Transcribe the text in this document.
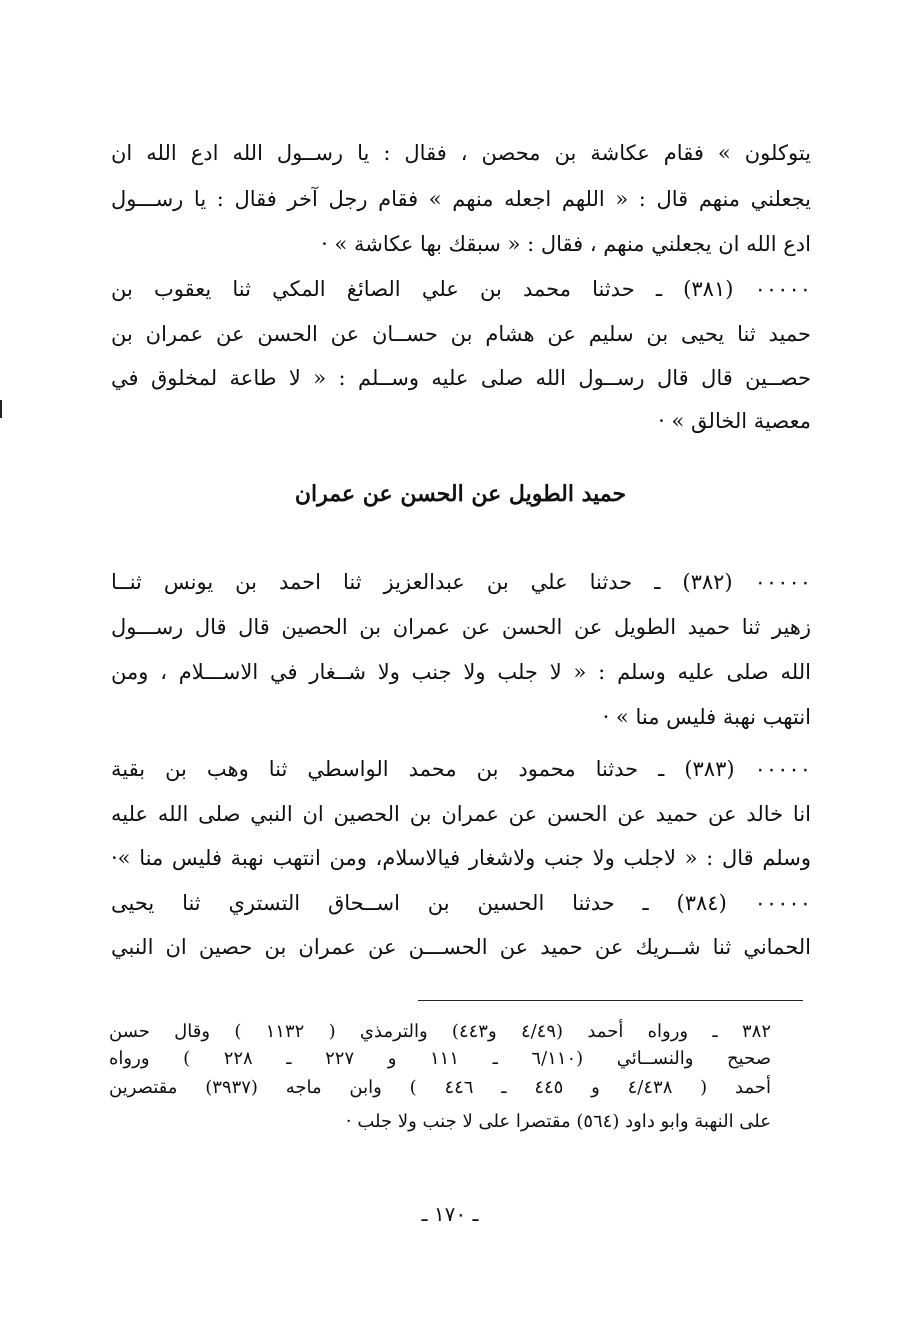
يتوكلون » فقام عكاشة بن محصن ، فقال : يا رســول الله ادع الله ان
يجعلني منهم قال : « اللهم اجعله منهم » فقام رجل آخر فقال : يا رســـول
ادع الله ان يجعلني منهم ، فقال : « سبقك بها عكاشة » ·
٠٠٠٠٠ (٣٨١) ـ حدثنا محمد بن علي الصائغ المكي ثنا يعقوب بن
حميد ثنا يحيى بن سليم عن هشام بن حســان عن الحسن عن عمران بن
حصــين قال قال رســول الله صلى عليه وســلم : « لا طاعة لمخلوق في
معصية الخالق » ·
حميد الطويل عن الحسن عن عمران
٠٠٠٠٠ (٣٨٢) ـ حدثنا علي بن عبدالعزيز ثنا احمد بن يونس ثنــا
زهير ثنا حميد الطويل عن الحسن عن عمران بن الحصين قال قال رســـول
الله صلى عليه وسلم : « لا جلب ولا جنب ولا شــغار في الاســـلام ، ومن
انتهب نهبة فليس منا » ·
٠٠٠٠٠ (٣٨٣) ـ حدثنا محمود بن محمد الواسطي ثنا وهب بن بقية
انا خالد عن حميد عن الحسن عن عمران بن الحصين ان النبي صلى الله عليه
وسلم قال : « لاجلب ولا جنب ولاشغار فيالاسلام، ومن انتهب نهبة فليس منا »·
٠٠٠٠٠ (٣٨٤) ـ حدثنا الحسين بن اســحاق التستري ثنا يحيى
الحماني ثنا شــريك عن حميد عن الحســـن عن عمران بن حصين ان النبي
٣٨٢ ـ ورواه أحمد (٤/٤٩ و٤٤٣) والترمذي ( ١١٣٢ ) وقال حسن
صحيح والنســائي (٦/١١٠ ـ ١١١ و ٢٢٧ ـ ٢٢٨ ) ورواه
أحمد ( ٤/٤٣٨ و ٤٤٥ ـ ٤٤٦ ) وابن ماجه (٣٩٣٧) مقتصرين
على النهبة وابو داود (٥٦٤) مقتصرا على لا جنب ولا جلب ·
ـ ١٧٠ ـ
